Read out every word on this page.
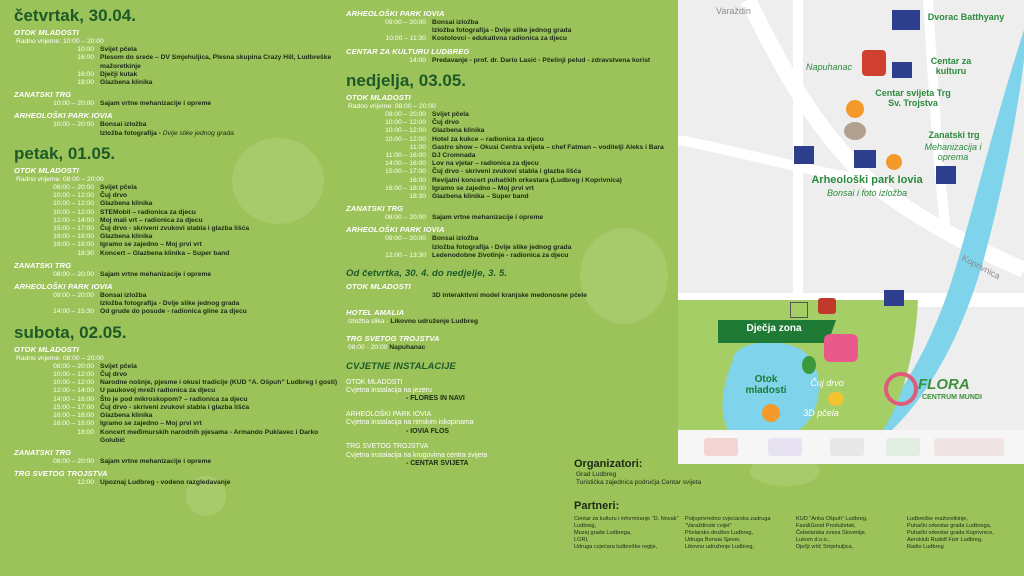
četvrtak, 30.04.
OTOK MLADOSTI
Radno vrijeme: 10:00 – 20:00
10:00 Svijet pčela
16:00 Plesom do sreće – DV Smjehuljica, Plesna skupina Crazy Hill, Ludbreške mažoretkinje
16:00 Dječji kutak
18:00 Glazbena klinika
ZANATSKI TRG
10:00 – 20:00 Sajam vrtne mehanizacije i opreme
ARHEOLOŠKI PARK IOVIA
10:00 – 20:00 Bonsai izložba
Izložba fotografija - Dvije slike jednog grada
petak, 01.05.
OTOK MLADOSTI
Radno vrijeme: 08:00 – 20:00
08:00 – 20:00 Svijet pčela
10:00 – 12:00 Čuj drvo
10:00 – 12:00 Glazbena klinika
10:00 – 12:00 STEMobil – radionica za djecu
12:00 – 14:00 Moj mali vrt – radionica za djecu
15:00 – 17:00 Čuj drvo - skriveni zvukovi stabla i glazba lišća
16:00 – 18:00 Glazbena klinika
16:00 – 18:00 Igramo se zajedno – Moj prvi vrt
18:30 Koncert – Glazbena klinika – Super band
ZANATSKI TRG
08:00 – 20:00 Sajam vrtne mehanizacije i opreme
ARHEOLOŠKI PARK IOVIA
09:00 – 20:00 Bonsai izložba
Izložba fotografija - Dvije slike jednog grada
14:00 – 15:30 Od grude do posude - radionica gline za djecu
subota, 02.05.
OTOK MLADOSTI
Radno vrijeme: 08:00 – 20:00
08:00 – 20:00 Svijet pčela
10:00 – 12:00 Čuj drvo
10:00 – 12:00 Narodne nošnje, pjesme i okusi tradicije (KUD “A. Ošpuh” Ludbreg i gosti)
12:00 – 14:00 U paukovoj mreži radionica za djecu
14:00 – 16:00 Što je pod mikroskopom? – radionica za djecu
15:00 – 17:00 Čuj drvo - skriveni zvukovi stabla i glazba lišća
16:00 – 18:00 Glazbena klinika
16:00 – 18:00 Igramo se zajedno – Moj prvi vrt
18:00 Koncert međimurskih narodnih pjesama - Armando Puklavec i Darko Golubić
ZANATSKI TRG
08:00 – 20:00 Sajam vrtne mehanizacije i opreme
TRG SVETOG TROJSTVA
12:00 Upoznaj Ludbreg - vodeno razgledavanje
ARHEOLOŠKI PARK IOVIA
09:00 – 20:00 Bonsai izložba
Izložba fotografija - Dvije slike jednog grada
10:00 – 11:30 Kostolovci - edukativna radionica za djecu
CENTAR ZA KULTURU LUDBREG
14:00 Predavanje - prof. dr. Dario Lasić - Pčelinji pelud - zdravstvena korist
nedjelja, 03.05.
OTOK MLADOSTI
Radno vrijeme: 08:00 – 20:00
08:00 – 20:00 Svijet pčela
10:00 – 12:00 Čuj drvo
10:00 – 12:00 Glazbena klinika
10:00 – 12:00 Hotel za kukce – radionica za djecu
11:00 Gastro show – Okusi Centra svijeta – chef Fatman – voditelji Aleks i Bara
11:00 – 16:00 DJ Cromnada
14:00 – 16:00 Lov na vjetar – radionica za djecu
15:00 – 17:00 Čuj drvo - skriveni zvukovi stabla i glazba lišća
16:00 Revijalni koncert puhačkih orkestara (Ludbreg i Koprivnica)
16:00 – 18:00 Igramo se zajedno – Moj prvi vrt
18:30 Glazbena klinika – Super band
ZANATSKI TRG
08:00 – 20:00 Sajam vrtne mehanizacije i opreme
ARHEOLOŠKI PARK IOVIA
09:00 – 20:00 Bonsai izložba
Izložba fotografija - Dvije slike jednog grada
12:00 – 13:30 Ledenodobne životinje - radionica za djecu
Od četvrtka, 30. 4. do nedjelje, 3. 5.
OTOK MLADOSTI
3D interaktivni model kranjske medonosne pčele
HOTEL AMALIA
Izložba slika - Likovno udruženje Ludbreg
TRG SVETOG TROJSTVA
08:00 - 20:00 Napuhanac
CVJETNE INSTALACIJE
OTOK MLADOSTI
Cvjetna instalacija na jezeru
- FLORES IN NAVI
ARHEOLOŠKI PARK IOVIA
Cvjetna instalacija na rimskim iskopinama
- IOVIA FLOS
TRG SVETOG TROJSTVA
Cvjetna instalacija na krugovima centra svijeta
- CENTAR SVIJETA
Varaždin
Koprivnica
Dvorac Batthyany
Napuhanac
Centar za kulturu
Centar svijeta Trg Sv. Trojstva
Zanatski trg
Mehanizacija i oprema
Arheološki park Iovia
Bonsai i foto izložba
Dječja zona
Čuj drvo
3D pčela
Otok mladosti	FLORA
CENTRUM MUNDI
Organizatori:
Grad Ludbreg
Turistička zajednica područja Centar svijeta
Partneri:
Centar za kulturu i informiranje “D. Novak” Ludbreg,
Muzej grada Ludbrega,
LORI,
Udruga cvjećara ludbreške regije,
Poljoprivredno cvjećarska zadruga “Varaždinski cvijet”
Pčelarsko društvo Ludbreg,
Udruga Bonsai Sjever,
Likovno udruženje Ludbreg,
KUD “Anka Ošpuh” Ludbreg,
Fast&Good Produžetak,
Čebelarska zveza Slovenije,
Lukom d.o.o.,
Dječji vrtić Smjehuljica,
Ludbreške mažoretkinje,
Puhački orkestar grada Ludbrega,
Puhački orkestar grada Koprivnice,
Aeroklub Rudolf Fizir Ludbreg,
Radio Ludbreg
